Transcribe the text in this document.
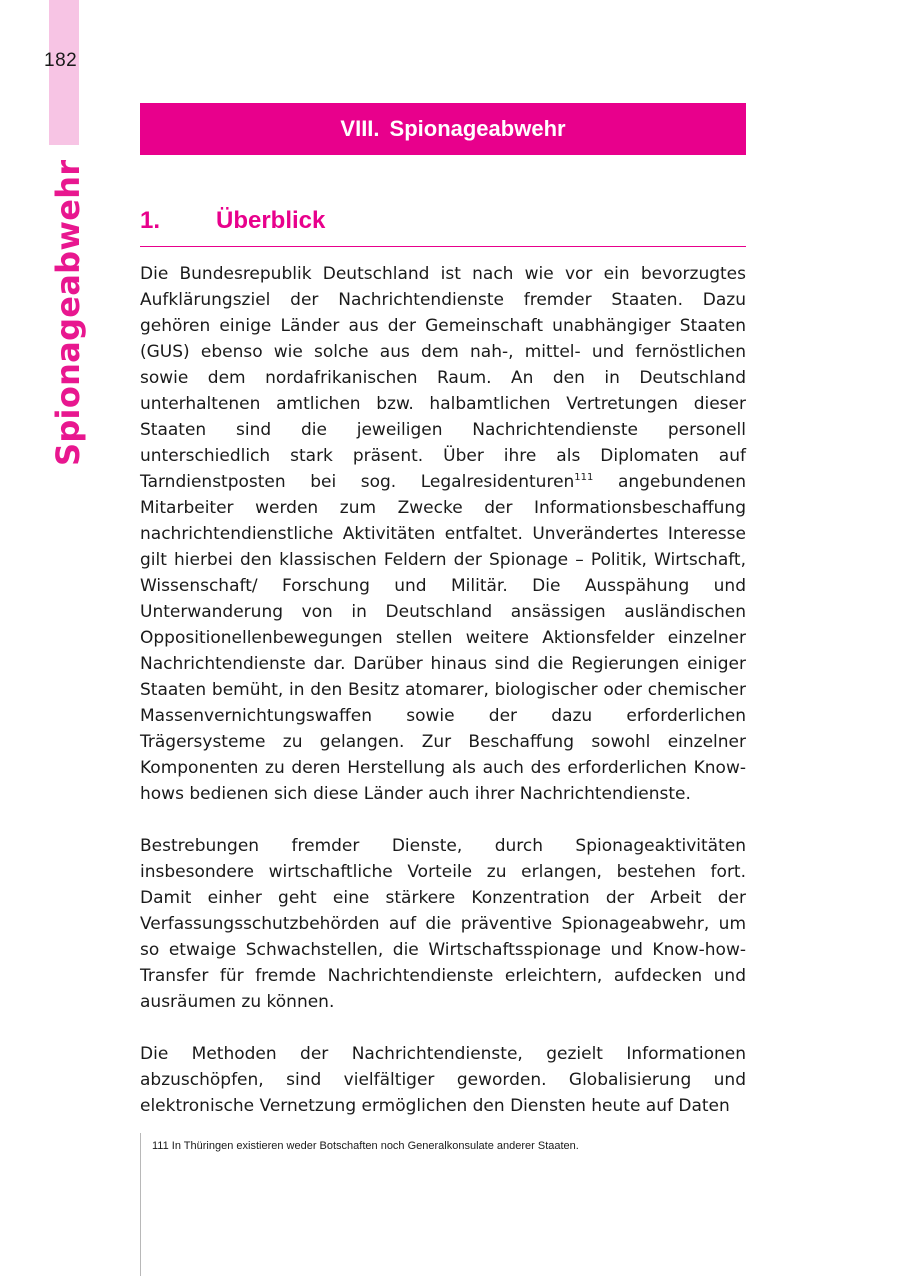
182
Spionageabwehr
VIII. Spionageabwehr
1. Überblick

Die Bundesrepublik Deutschland ist nach wie vor ein bevorzugtes Aufklärungsziel der Nachrichtendienste fremder Staaten. Dazu gehören einige Länder aus der Gemeinschaft unabhängiger Staaten (GUS) ebenso wie solche aus dem nah-, mittel- und fernöstlichen sowie dem nordafrikanischen Raum. An den in Deutschland unterhaltenen amtlichen bzw. halbamtlichen Vertretungen dieser Staaten sind die jeweiligen Nachrichtendienste personell unterschiedlich stark präsent. Über ihre als Diplomaten auf Tarndienstposten bei sog. Legalresidenturen$^{111}$ angebundenen Mitarbeiter werden zum Zwecke der Informationsbeschaffung nachrichtendienstliche Aktivitäten entfaltet. Unverändertes Interesse gilt hierbei den klassischen Feldern der Spionage – Politik, Wirtschaft, Wissenschaft/ Forschung und Militär. Die Ausspähung und Unterwanderung von in Deutschland ansässigen ausländischen Oppositionellenbewegungen stellen weitere Aktionsfelder einzelner Nachrichtendienste dar. Darüber hinaus sind die Regierungen einiger Staaten bemüht, in den Besitz atomarer, biologischer oder chemischer Massenvernichtungswaffen sowie der dazu erforderlichen Trägersysteme zu gelangen. Zur Beschaffung sowohl einzelner Komponenten zu deren Herstellung als auch des erforderlichen Know-hows bedienen sich diese Länder auch ihrer Nachrichtendienste.

Bestrebungen fremder Dienste, durch Spionageaktivitäten insbesondere wirtschaftliche Vorteile zu erlangen, bestehen fort. Damit einher geht eine stärkere Konzentration der Arbeit der Verfassungsschutzbehörden auf die präventive Spionageabwehr, um so etwaige Schwachstellen, die Wirtschaftsspionage und Know-how-Transfer für fremde Nachrichtendienste erleichtern, aufdecken und ausräumen zu können.

Die Methoden der Nachrichtendienste, gezielt Informationen abzuschöpfen, sind vielfältiger geworden. Globalisierung und elektronische Vernetzung ermöglichen den Diensten heute auf Daten

111 In Thüringen existieren weder Botschaften noch Generalkonsulate anderer Staaten.
